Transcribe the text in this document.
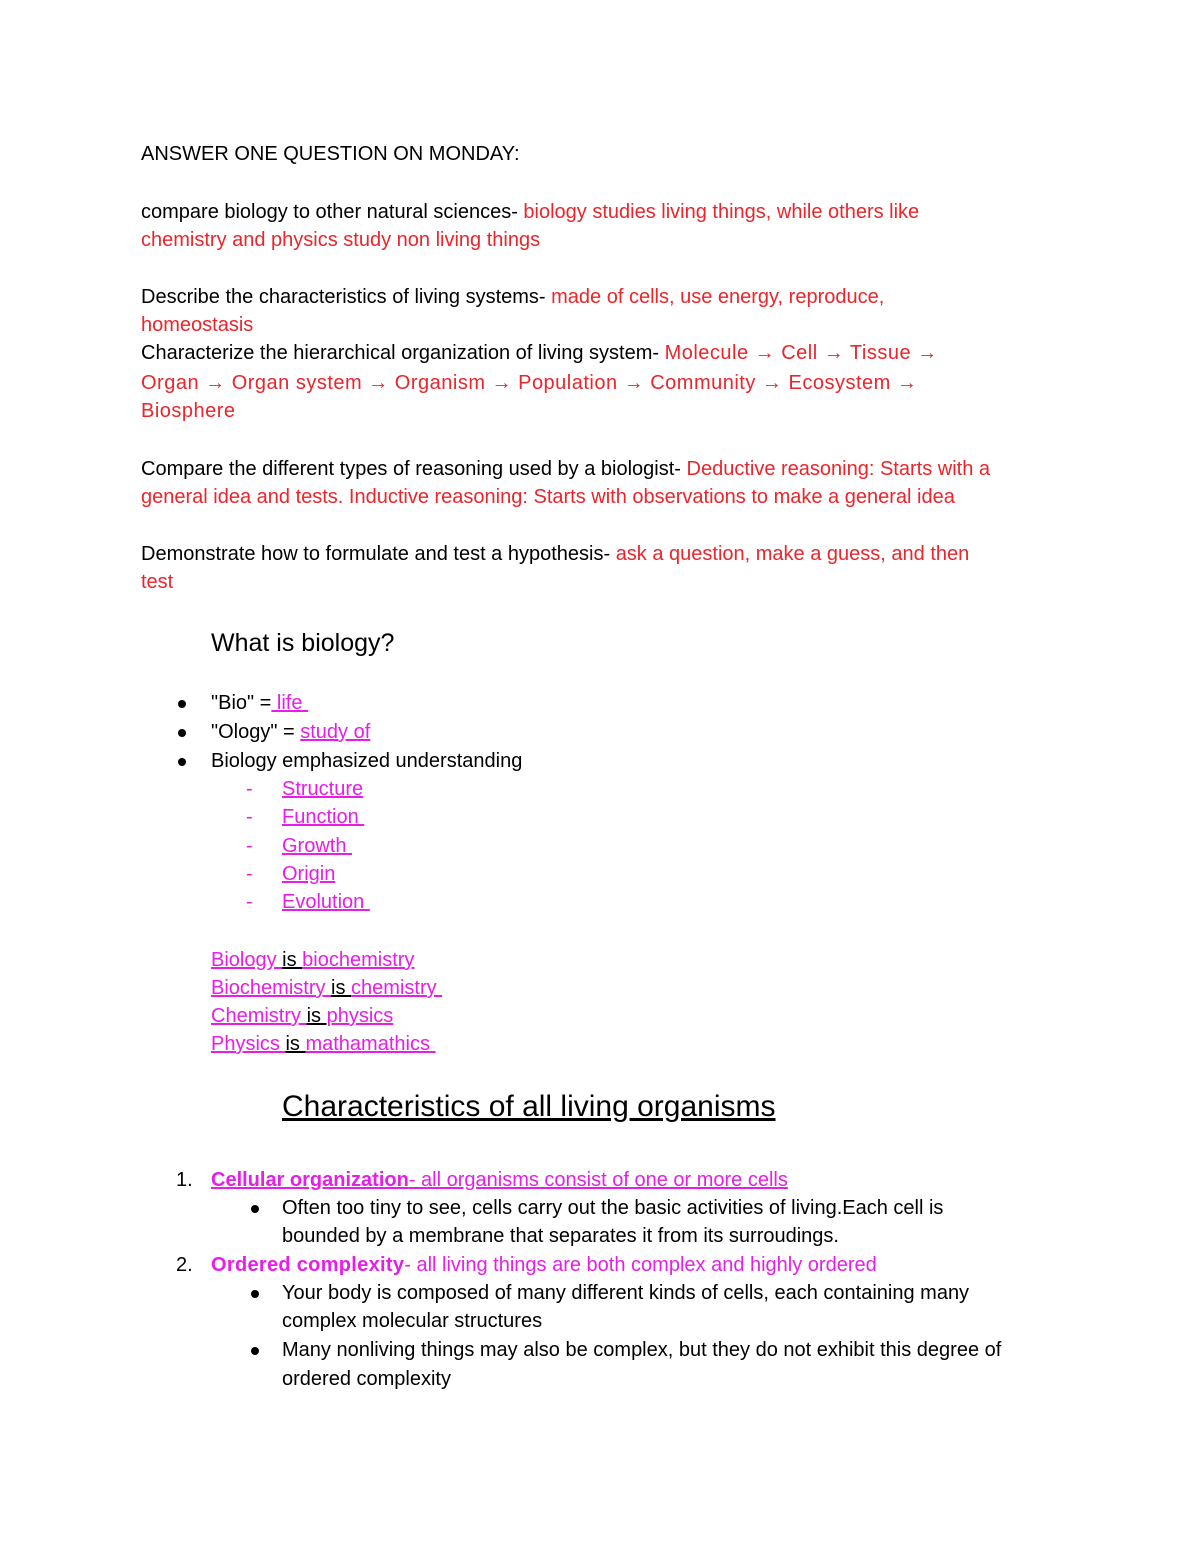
ANSWER ONE QUESTION ON MONDAY:
compare biology to other natural sciences- biology studies living things, while others like
chemistry and physics study non living things
Describe the characteristics of living systems- made of cells, use energy, reproduce,
homeostasis
Characterize the hierarchical organization of living system- Molecule → Cell → Tissue →
Organ → Organ system → Organism → Population → Community → Ecosystem →
Biosphere
Compare the different types of reasoning used by a biologist- Deductive reasoning: Starts with a
general idea and tests. Inductive reasoning: Starts with observations to make a general idea
Demonstrate how to formulate and test a hypothesis- ask a question, make a guess, and then
test
What is biology?
"Bio" = life
"Ology" = study of
Biology emphasized understanding
- Structure
- Function
- Growth
- Origin
- Evolution
Biology is biochemistry
Biochemistry is chemistry
Chemistry is physics
Physics is mathamathics
Characteristics of all living organisms
1. Cellular organization- all organisms consist of one or more cells
Often too tiny to see, cells carry out the basic activities of living.Each cell is
bounded by a membrane that separates it from its surroudings.
2. Ordered complexity- all living things are both complex and highly ordered
Your body is composed of many different kinds of cells, each containing many
complex molecular structures
Many nonliving things may also be complex, but they do not exhibit this degree of
ordered complexity
